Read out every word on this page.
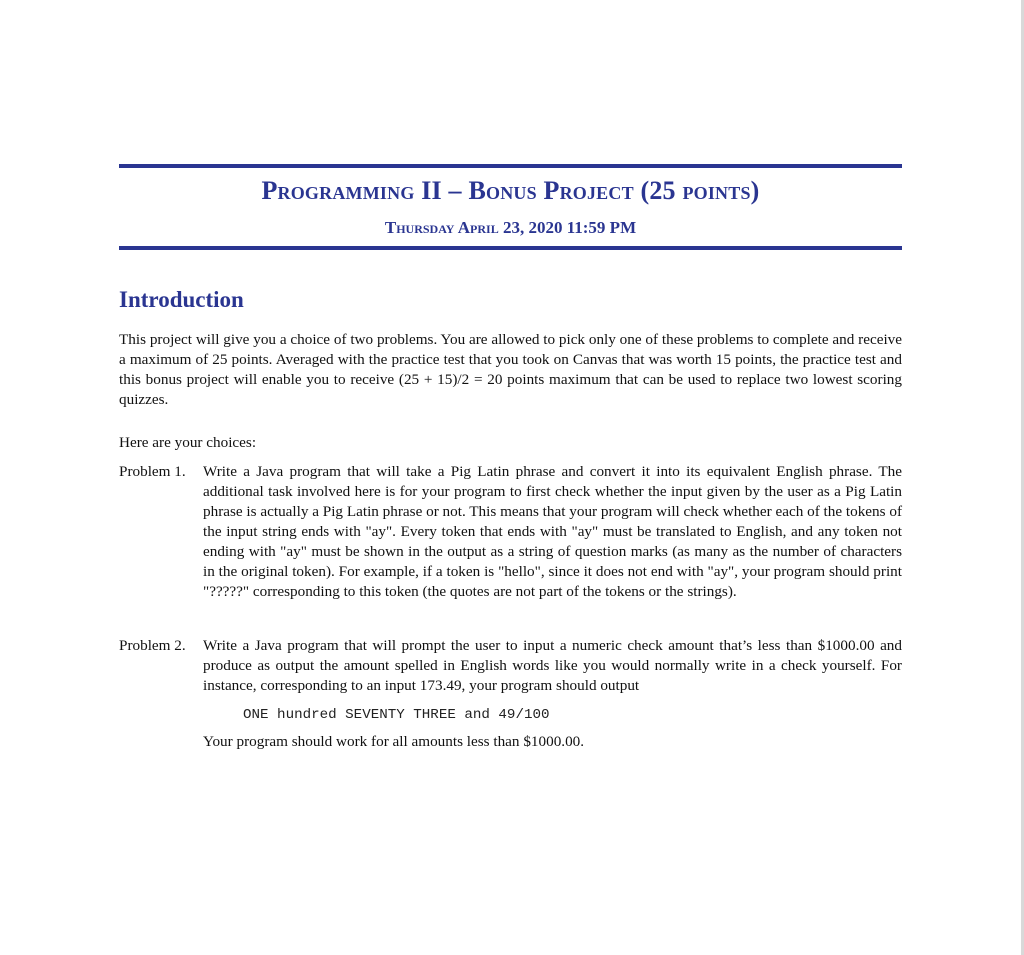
Programming II – Bonus Project (25 points)
Thursday April 23, 2020 11:59 PM
Introduction
This project will give you a choice of two problems. You are allowed to pick only one of these problems to complete and receive a maximum of 25 points. Averaged with the practice test that you took on Canvas that was worth 15 points, the practice test and this bonus project will enable you to receive (25 + 15)/2 = 20 points maximum that can be used to replace two lowest scoring quizzes.
Here are your choices:
Problem 1.	Write a Java program that will take a Pig Latin phrase and convert it into its equivalent English phrase. The additional task involved here is for your program to first check whether the input given by the user as a Pig Latin phrase is actually a Pig Latin phrase or not. This means that your program will check whether each of the tokens of the input string ends with "ay". Every token that ends with "ay" must be translated to English, and any token not ending with "ay" must be shown in the output as a string of question marks (as many as the number of characters in the original token). For example, if a token is "hello", since it does not end with "ay", your program should print "?????" corresponding to this token (the quotes are not part of the tokens or the strings).
Problem 2.	Write a Java program that will prompt the user to input a numeric check amount that’s less than $1000.00 and produce as output the amount spelled in English words like you would normally write in a check yourself. For instance, corresponding to an input 173.49, your program should output
ONE hundred SEVENTY THREE and 49/100
Your program should work for all amounts less than $1000.00.
